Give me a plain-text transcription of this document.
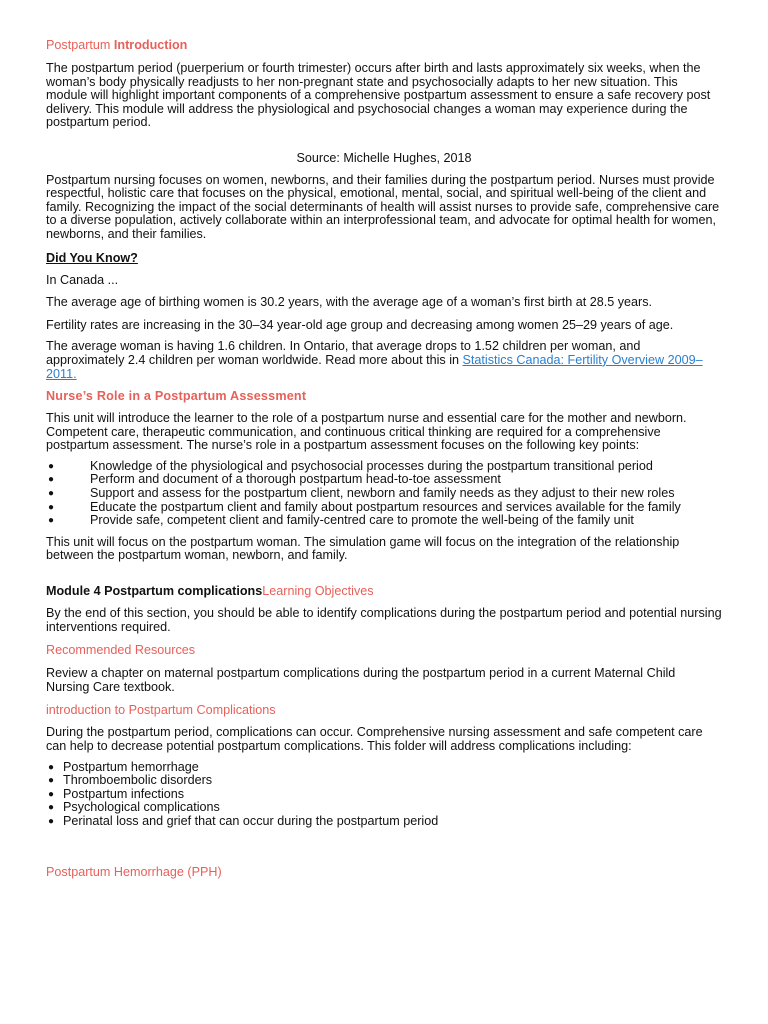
Postpartum Introduction

The postpartum period (puerperium or fourth trimester) occurs after birth and lasts approximately six weeks, when the woman’s body physically readjusts to her non-pregnant state and psychosocially adapts to her new situation. This module will highlight important components of a comprehensive postpartum assessment to ensure a safe recovery post delivery. This module will address the physiological and psychosocial changes a woman may experience during the postpartum period.

Source: Michelle Hughes, 2018

Postpartum nursing focuses on women, newborns, and their families during the postpartum period. Nurses must provide respectful, holistic care that focuses on the physical, emotional, mental, social, and spiritual well-being of the client and family. Recognizing the impact of the social determinants of health will assist nurses to provide safe, comprehensive care to a diverse population, actively collaborate within an interprofessional team, and advocate for optimal health for women, newborns, and their families.

Did You Know?

In Canada ...

The average age of birthing women is 30.2 years, with the average age of a woman’s first birth at 28.5 years.

Fertility rates are increasing in the 30–34 year-old age group and decreasing among women 25–29 years of age.

The average woman is having 1.6 children. In Ontario, that average drops to 1.52 children per woman, and approximately 2.4 children per woman worldwide. Read more about this in Statistics Canada: Fertility Overview 2009–2011.

Nurse’s Role in a Postpartum Assessment

This unit will introduce the learner to the role of a postpartum nurse and essential care for the mother and newborn. Competent care, therapeutic communication, and continuous critical thinking are required for a comprehensive postpartum assessment. The nurse’s role in a postpartum assessment focuses on the following key points:

●	Knowledge of the physiological and psychosocial processes during the postpartum transitional period
●	Perform and document of a thorough postpartum head-to-toe assessment
●	Support and assess for the postpartum client, newborn and family needs as they adjust to their new roles
●	Educate the postpartum client and family about postpartum resources and services available for the family
●	Provide safe, competent client and family-centred care to promote the well-being of the family unit

This unit will focus on the postpartum woman. The simulation game will focus on the integration of the relationship between the postpartum woman, newborn, and family.

Module 4 Postpartum complicationsLearning Objectives

By the end of this section, you should be able to identify complications during the postpartum period and potential nursing interventions required.

Recommended Resources

Review a chapter on maternal postpartum complications during the postpartum period in a current Maternal Child Nursing Care textbook.

introduction to Postpartum Complications

During the postpartum period, complications can occur. Comprehensive nursing assessment and safe competent care can help to decrease potential postpartum complications. This folder will address complications including:

● Postpartum hemorrhage
● Thromboembolic disorders
● Postpartum infections
● Psychological complications
● Perinatal loss and grief that can occur during the postpartum period

Postpartum Hemorrhage (PPH)
